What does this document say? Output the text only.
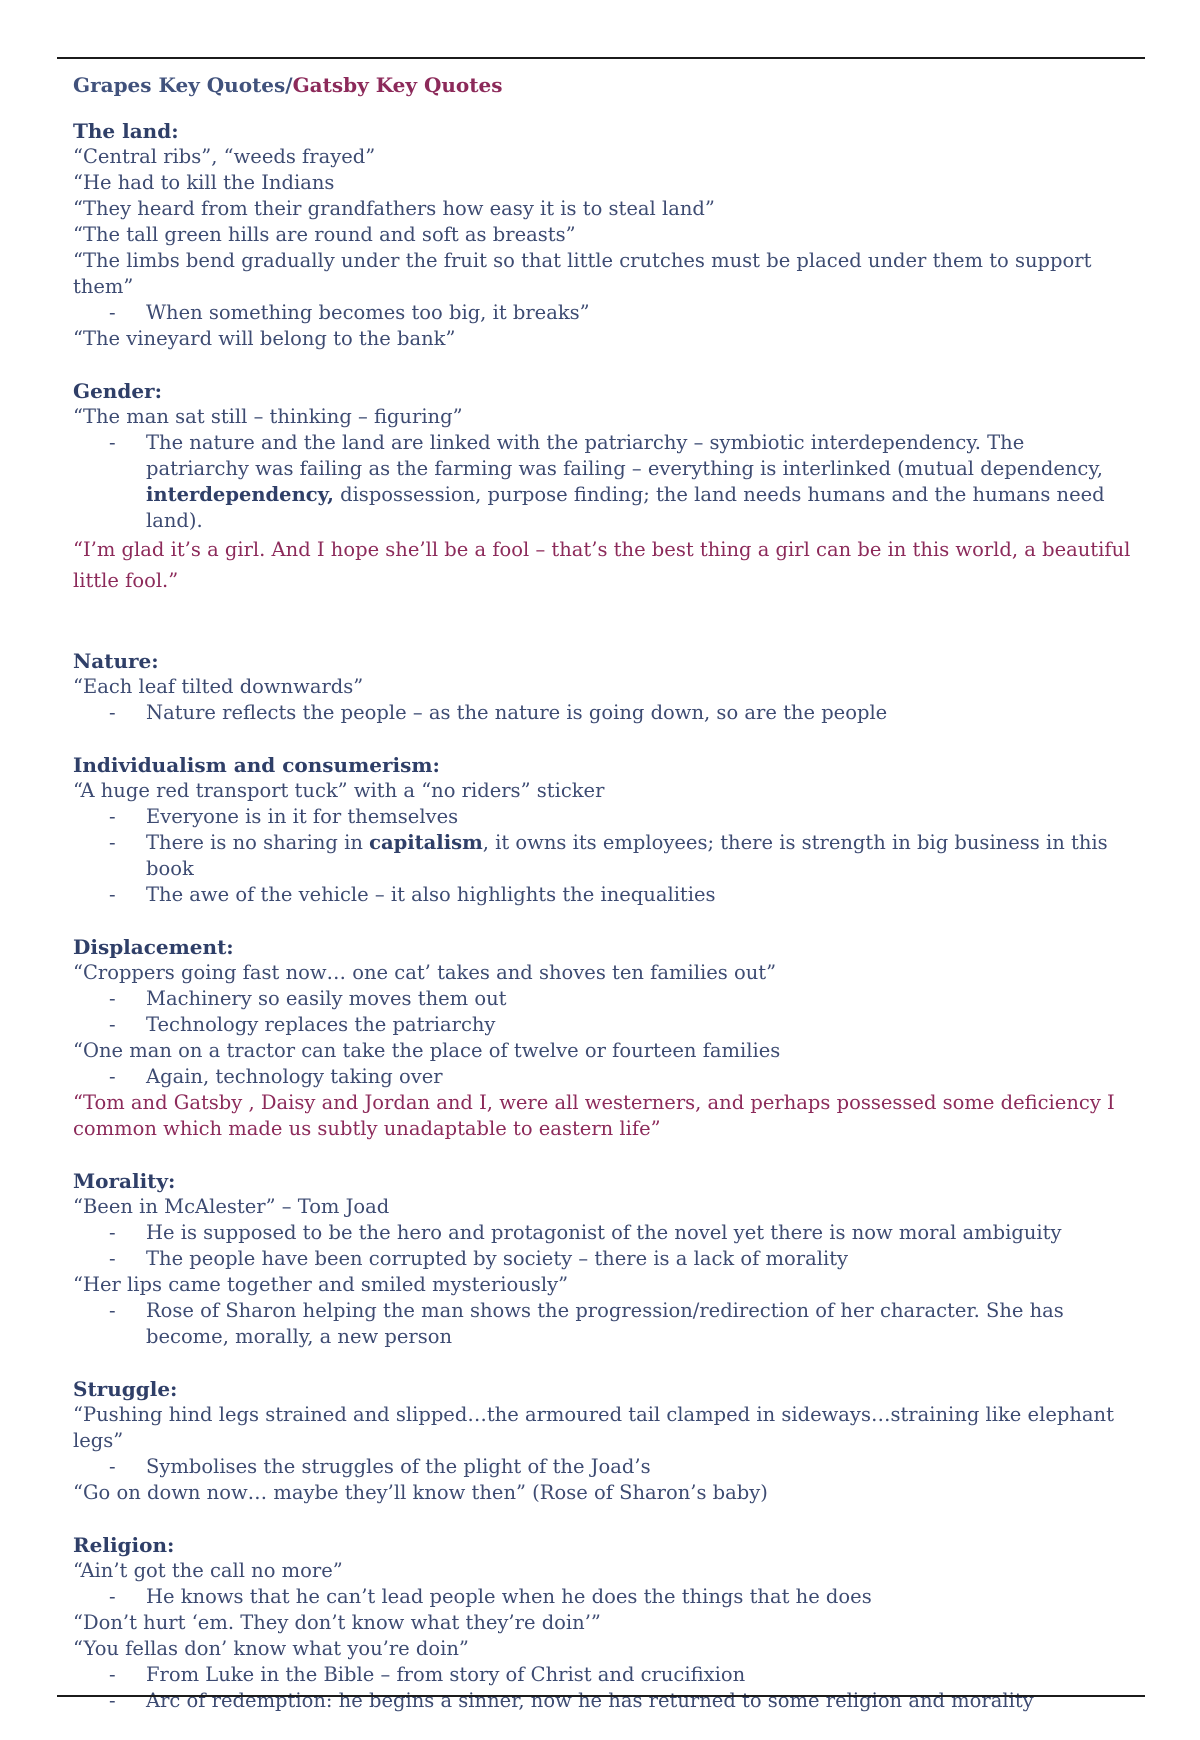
Grapes Key Quotes/Gatsby Key Quotes
The land:
“Central ribs”, “weeds frayed”
“He had to kill the Indians
“They heard from their grandfathers how easy it is to steal land”
“The tall green hills are round and soft as breasts”
“The limbs bend gradually under the fruit so that little crutches must be placed under them to support them”
- When something becomes too big, it breaks”
“The vineyard will belong to the bank”
Gender:
“The man sat still – thinking – figuring”
- The nature and the land are linked with the patriarchy – symbiotic interdependency. The patriarchy was failing as the farming was failing – everything is interlinked (mutual dependency, interdependency, dispossession, purpose finding; the land needs humans and the humans need land).
“I’m glad it’s a girl. And I hope she’ll be a fool – that’s the best thing a girl can be in this world, a beautiful little fool.”
Nature:
“Each leaf tilted downwards”
- Nature reflects the people – as the nature is going down, so are the people
Individualism and consumerism:
“A huge red transport tuck” with a “no riders” sticker
- Everyone is in it for themselves
- There is no sharing in capitalism, it owns its employees; there is strength in big business in this book
- The awe of the vehicle – it also highlights the inequalities
Displacement:
“Croppers going fast now… one cat’ takes and shoves ten families out”
- Machinery so easily moves them out
- Technology replaces the patriarchy
“One man on a tractor can take the place of twelve or fourteen families
- Again, technology taking over
“Tom and Gatsby , Daisy and Jordan and I, were all westerners, and perhaps possessed some deficiency I common which made us subtly unadaptable to eastern life”
Morality:
“Been in McAlester” – Tom Joad
- He is supposed to be the hero and protagonist of the novel yet there is now moral ambiguity
- The people have been corrupted by society – there is a lack of morality
“Her lips came together and smiled mysteriously”
- Rose of Sharon helping the man shows the progression/redirection of her character. She has become, morally, a new person
Struggle:
“Pushing hind legs strained and slipped…the armoured tail clamped in sideways…straining like elephant legs”
- Symbolises the struggles of the plight of the Joad’s
“Go on down now… maybe they’ll know then” (Rose of Sharon’s baby)
Religion:
“Ain’t got the call no more”
- He knows that he can’t lead people when he does the things that he does
“Don’t hurt ‘em. They don’t know what they’re doin’”
“You fellas don’ know what you’re doin”
- From Luke in the Bible – from story of Christ and crucifixion
- Arc of redemption: he begins a sinner, now he has returned to some religion and morality
